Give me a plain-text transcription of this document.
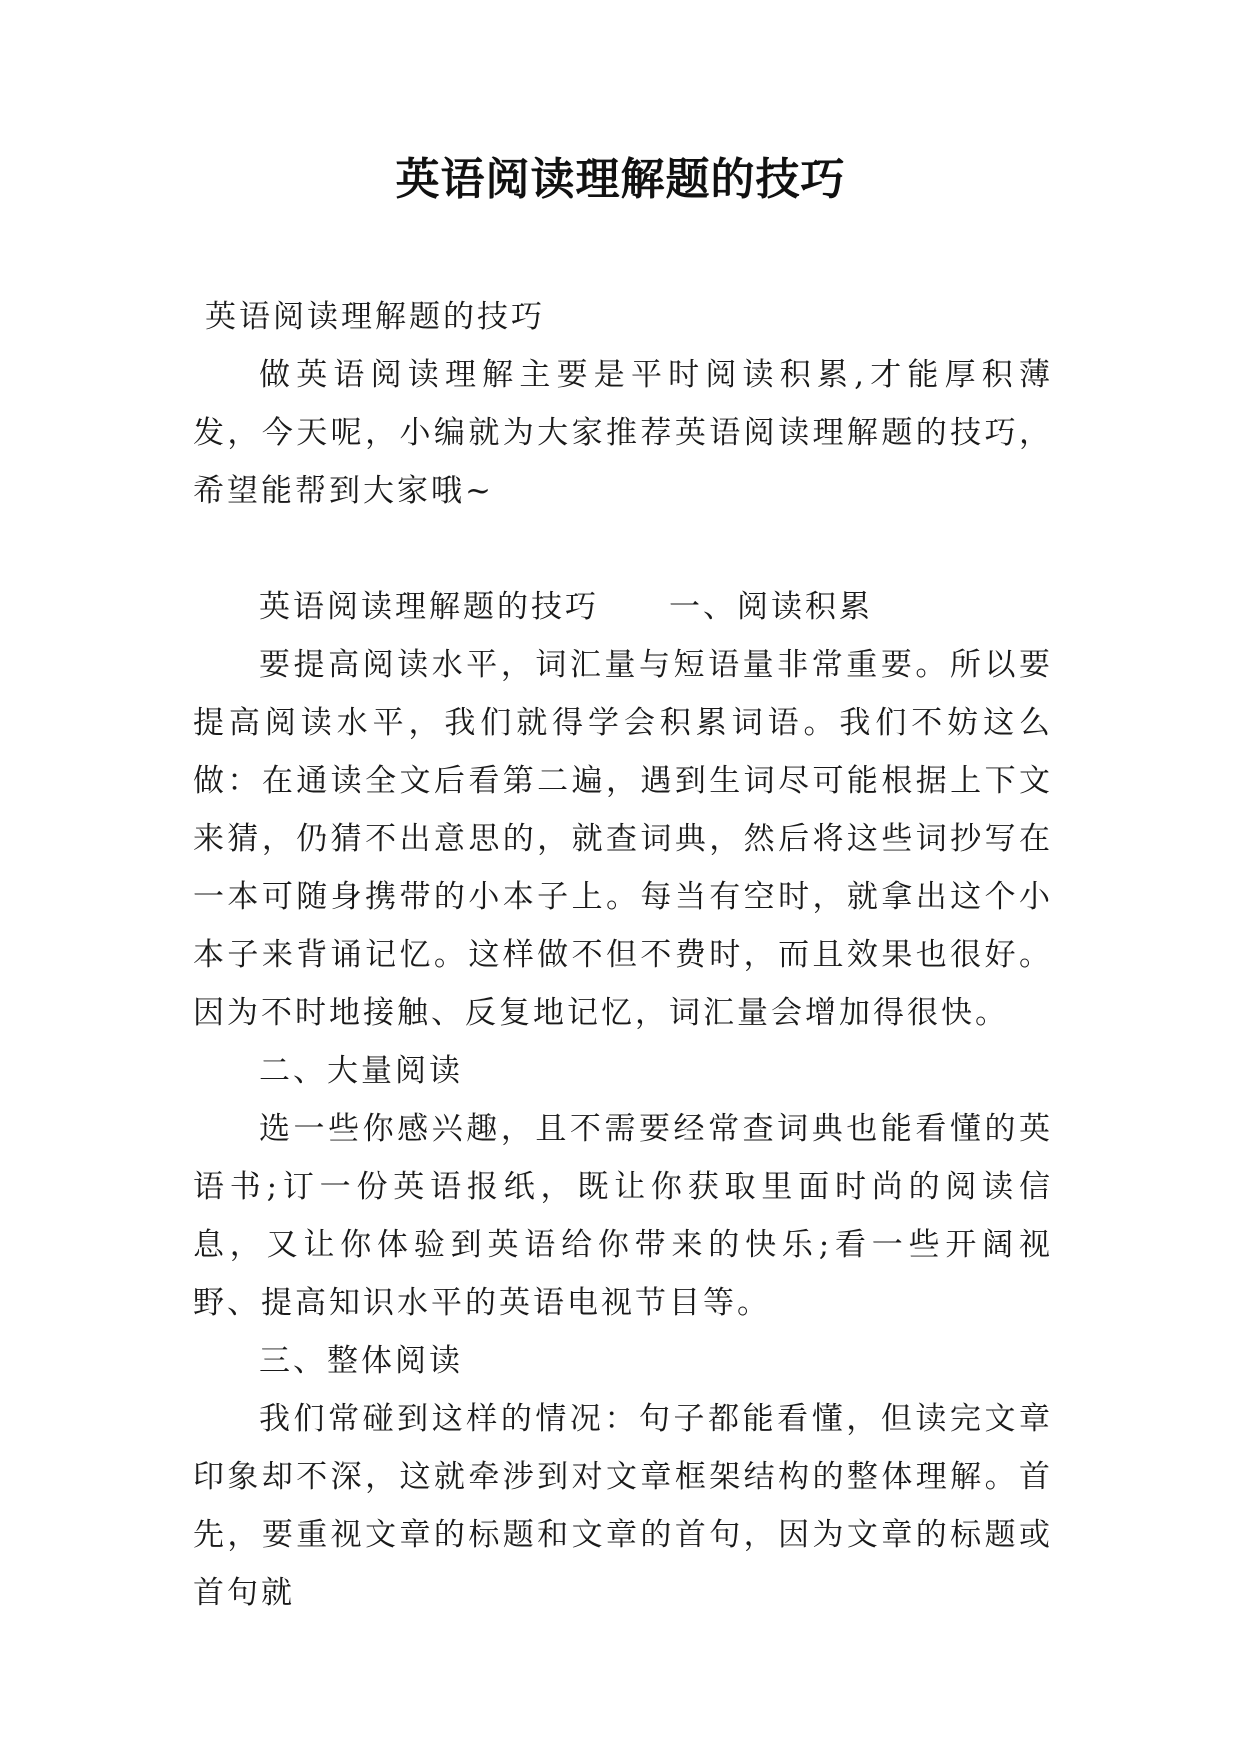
英语阅读理解题的技巧

英语阅读理解题的技巧

做英语阅读理解主要是平时阅读积累,才能厚积薄发，今天呢，小编就为大家推荐英语阅读理解题的技巧，希望能帮到大家哦~

英语阅读理解题的技巧 一、阅读积累

要提高阅读水平，词汇量与短语量非常重要。所以要提高阅读水平，我们就得学会积累词语。我们不妨这么做：在通读全文后看第二遍，遇到生词尽可能根据上下文来猜，仍猜不出意思的，就查词典，然后将这些词抄写在一本可随身携带的小本子上。每当有空时，就拿出这个小本子来背诵记忆。这样做不但不费时，而且效果也很好。因为不时地接触、反复地记忆，词汇量会增加得很快。

二、大量阅读

选一些你感兴趣，且不需要经常查词典也能看懂的英语书;订一份英语报纸，既让你获取里面时尚的阅读信息，又让你体验到英语给你带来的快乐;看一些开阔视野、提高知识水平的英语电视节目等。

三、整体阅读

我们常碰到这样的情况：句子都能看懂，但读完文章印象却不深，这就牵涉到对文章框架结构的整体理解。首先，要重视文章的标题和文章的首句，因为文章的标题或首句就
